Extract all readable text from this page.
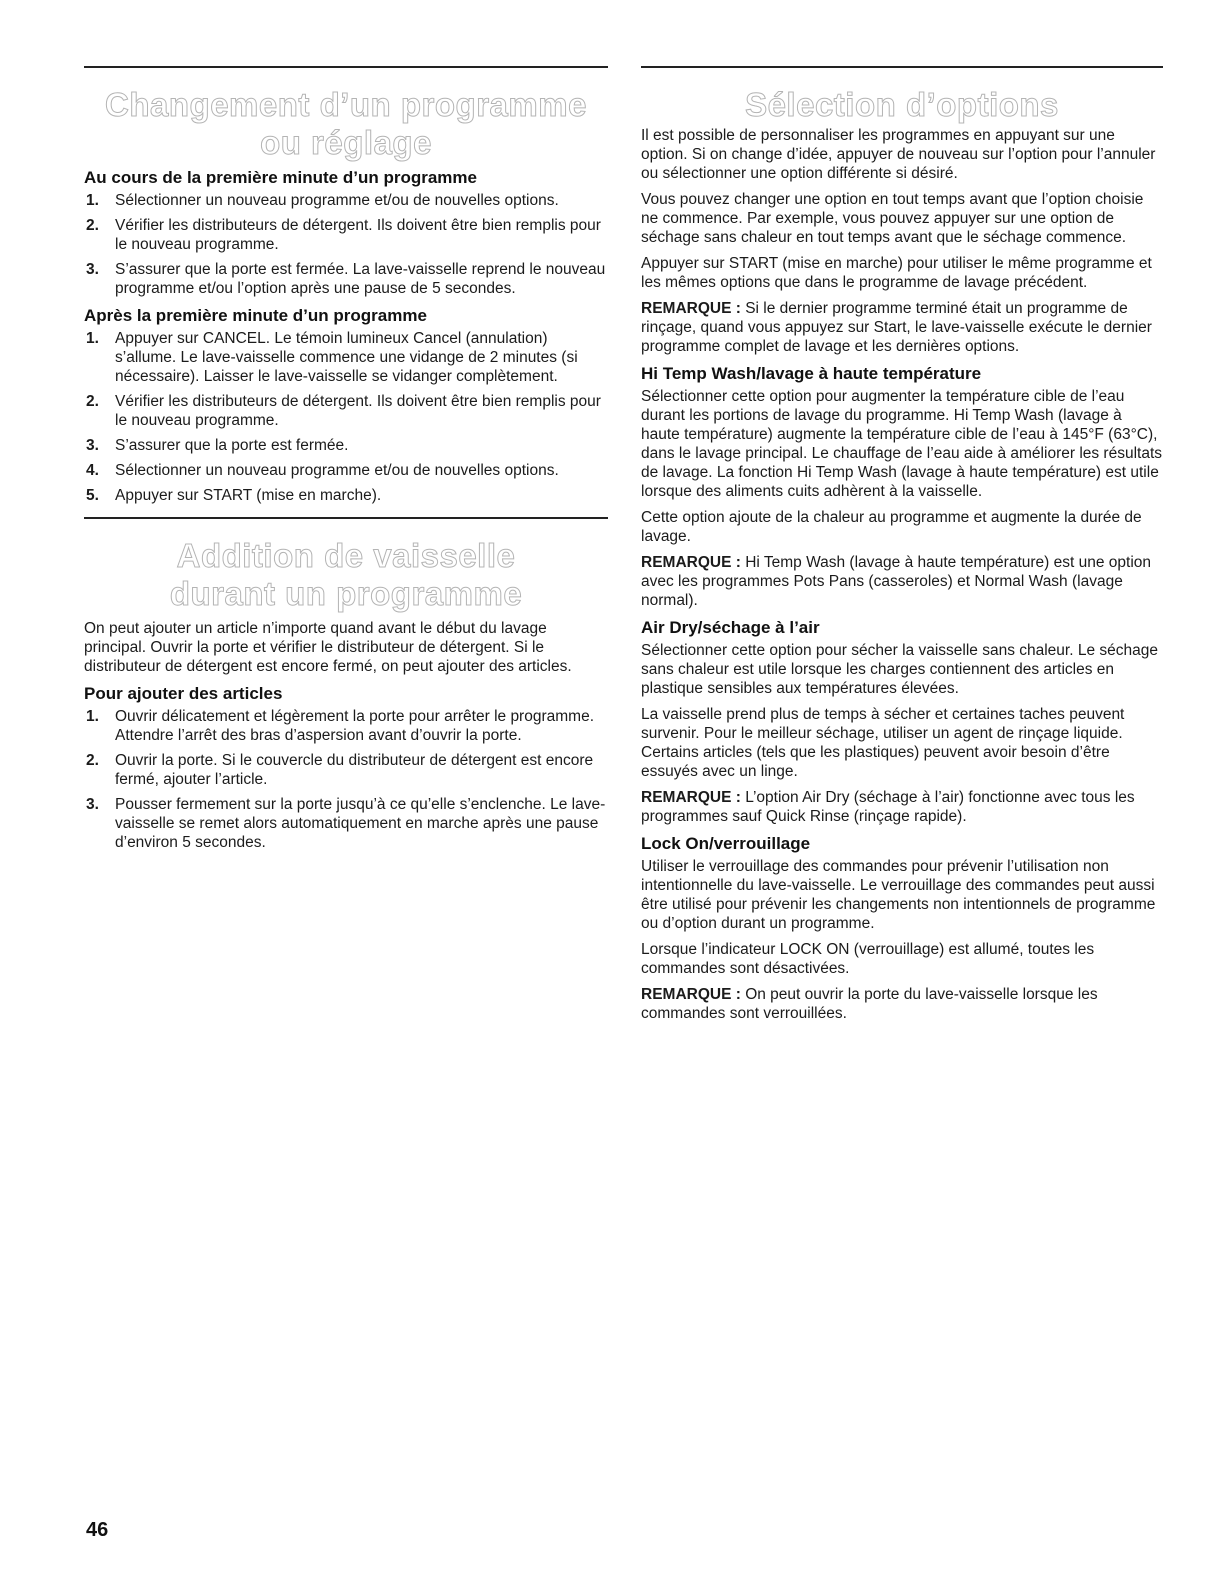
Changement d’un programme
ou réglage
Au cours de la première minute d’un programme
1. Sélectionner un nouveau programme et/ou de nouvelles options.
2. Vérifier les distributeurs de détergent. Ils doivent être bien remplis pour le nouveau programme.
3. S’assurer que la porte est fermée. La lave-vaisselle reprend le nouveau programme et/ou l’option après une pause de 5 secondes.
Après la première minute d’un programme
1. Appuyer sur CANCEL. Le témoin lumineux Cancel (annulation) s’allume. Le lave-vaisselle commence une vidange de 2 minutes (si nécessaire). Laisser le lave-vaisselle se vidanger complètement.
2. Vérifier les distributeurs de détergent. Ils doivent être bien remplis pour le nouveau programme.
3. S’assurer que la porte est fermée.
4. Sélectionner un nouveau programme et/ou de nouvelles options.
5. Appuyer sur START (mise en marche).
Addition de vaisselle
durant un programme

On peut ajouter un article n’importe quand avant le début du lavage principal. Ouvrir la porte et vérifier le distributeur de détergent. Si le distributeur de détergent est encore fermé, on peut ajouter des articles.

Pour ajouter des articles
1. Ouvrir délicatement et légèrement la porte pour arrêter le programme. Attendre l’arrêt des bras d’aspersion avant d’ouvrir la porte.
2. Ouvrir la porte. Si le couvercle du distributeur de détergent est encore fermé, ajouter l’article.
3. Pousser fermement sur la porte jusqu’à ce qu’elle s’enclenche. Le lave-vaisselle se remet alors automatiquement en marche après une pause d’environ 5 secondes.
Sélection d’options

Il est possible de personnaliser les programmes en appuyant sur une option. Si on change d’idée, appuyer de nouveau sur l’option pour l’annuler ou sélectionner une option différente si désiré.

Vous pouvez changer une option en tout temps avant que l’option choisie ne commence. Par exemple, vous pouvez appuyer sur une option de séchage sans chaleur en tout temps avant que le séchage commence.

Appuyer sur START (mise en marche) pour utiliser le même programme et les mêmes options que dans le programme de lavage précédent.

REMARQUE : Si le dernier programme terminé était un programme de rinçage, quand vous appuyez sur Start, le lave-vaisselle exécute le dernier programme complet de lavage et les dernières options.

Hi Temp Wash/lavage à haute température

Sélectionner cette option pour augmenter la température cible de l’eau durant les portions de lavage du programme. Hi Temp Wash (lavage à haute température) augmente la température cible de l’eau à 145°F (63°C), dans le lavage principal. Le chauffage de l’eau aide à améliorer les résultats de lavage. La fonction Hi Temp Wash (lavage à haute température) est utile lorsque des aliments cuits adhèrent à la vaisselle.

Cette option ajoute de la chaleur au programme et augmente la durée de lavage.

REMARQUE : Hi Temp Wash (lavage à haute température) est une option avec les programmes Pots Pans (casseroles) et Normal Wash (lavage normal).

Air Dry/séchage à l’air

Sélectionner cette option pour sécher la vaisselle sans chaleur. Le séchage sans chaleur est utile lorsque les charges contiennent des articles en plastique sensibles aux températures élevées.

La vaisselle prend plus de temps à sécher et certaines taches peuvent survenir. Pour le meilleur séchage, utiliser un agent de rinçage liquide. Certains articles (tels que les plastiques) peuvent avoir besoin d’être essuyés avec un linge.

REMARQUE : L’option Air Dry (séchage à l’air) fonctionne avec tous les programmes sauf Quick Rinse (rinçage rapide).

Lock On/verrouillage

Utiliser le verrouillage des commandes pour prévenir l’utilisation non intentionnelle du lave-vaisselle. Le verrouillage des commandes peut aussi être utilisé pour prévenir les changements non intentionnels de programme ou d’option durant un programme.

Lorsque l’indicateur LOCK ON (verrouillage) est allumé, toutes les commandes sont désactivées.

REMARQUE : On peut ouvrir la porte du lave-vaisselle lorsque les commandes sont verrouillées.

46
